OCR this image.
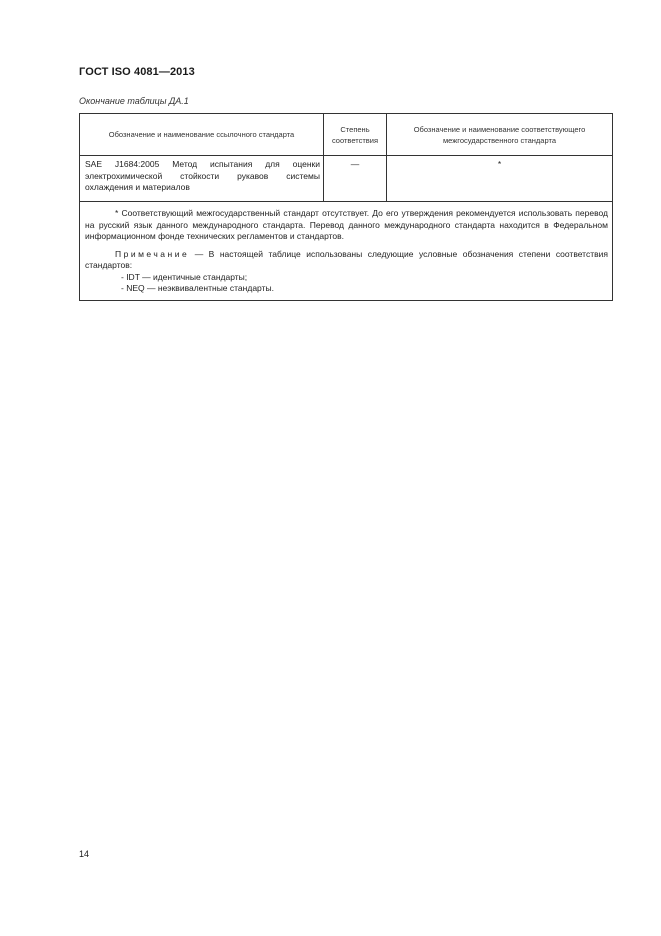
ГОСТ ISO 4081—2013
Окончание таблицы ДА.1
Обозначение и наименование ссылочного стандарта
Степень соответствия
Обозначение и наименование соответствующего межгосударственного стандарта
SAE J1684:2005 Метод испытания для оценки электрохимической стойкости рукавов системы охлаждения и материалов
—	*

* Соответствующий межгосударственный стандарт отсутствует. До его утверждения рекомендуется использовать перевод на русский язык данного международного стандарта. Перевод данного международного стандарта находится в Федеральном информационном фонде технических регламентов и стандартов.

Примечание — В настоящей таблице использованы следующие условные обозначения степени соответствия стандартов:

- IDT — идентичные стандарты;

- NEQ — неэквивалентные стандарты.

14
